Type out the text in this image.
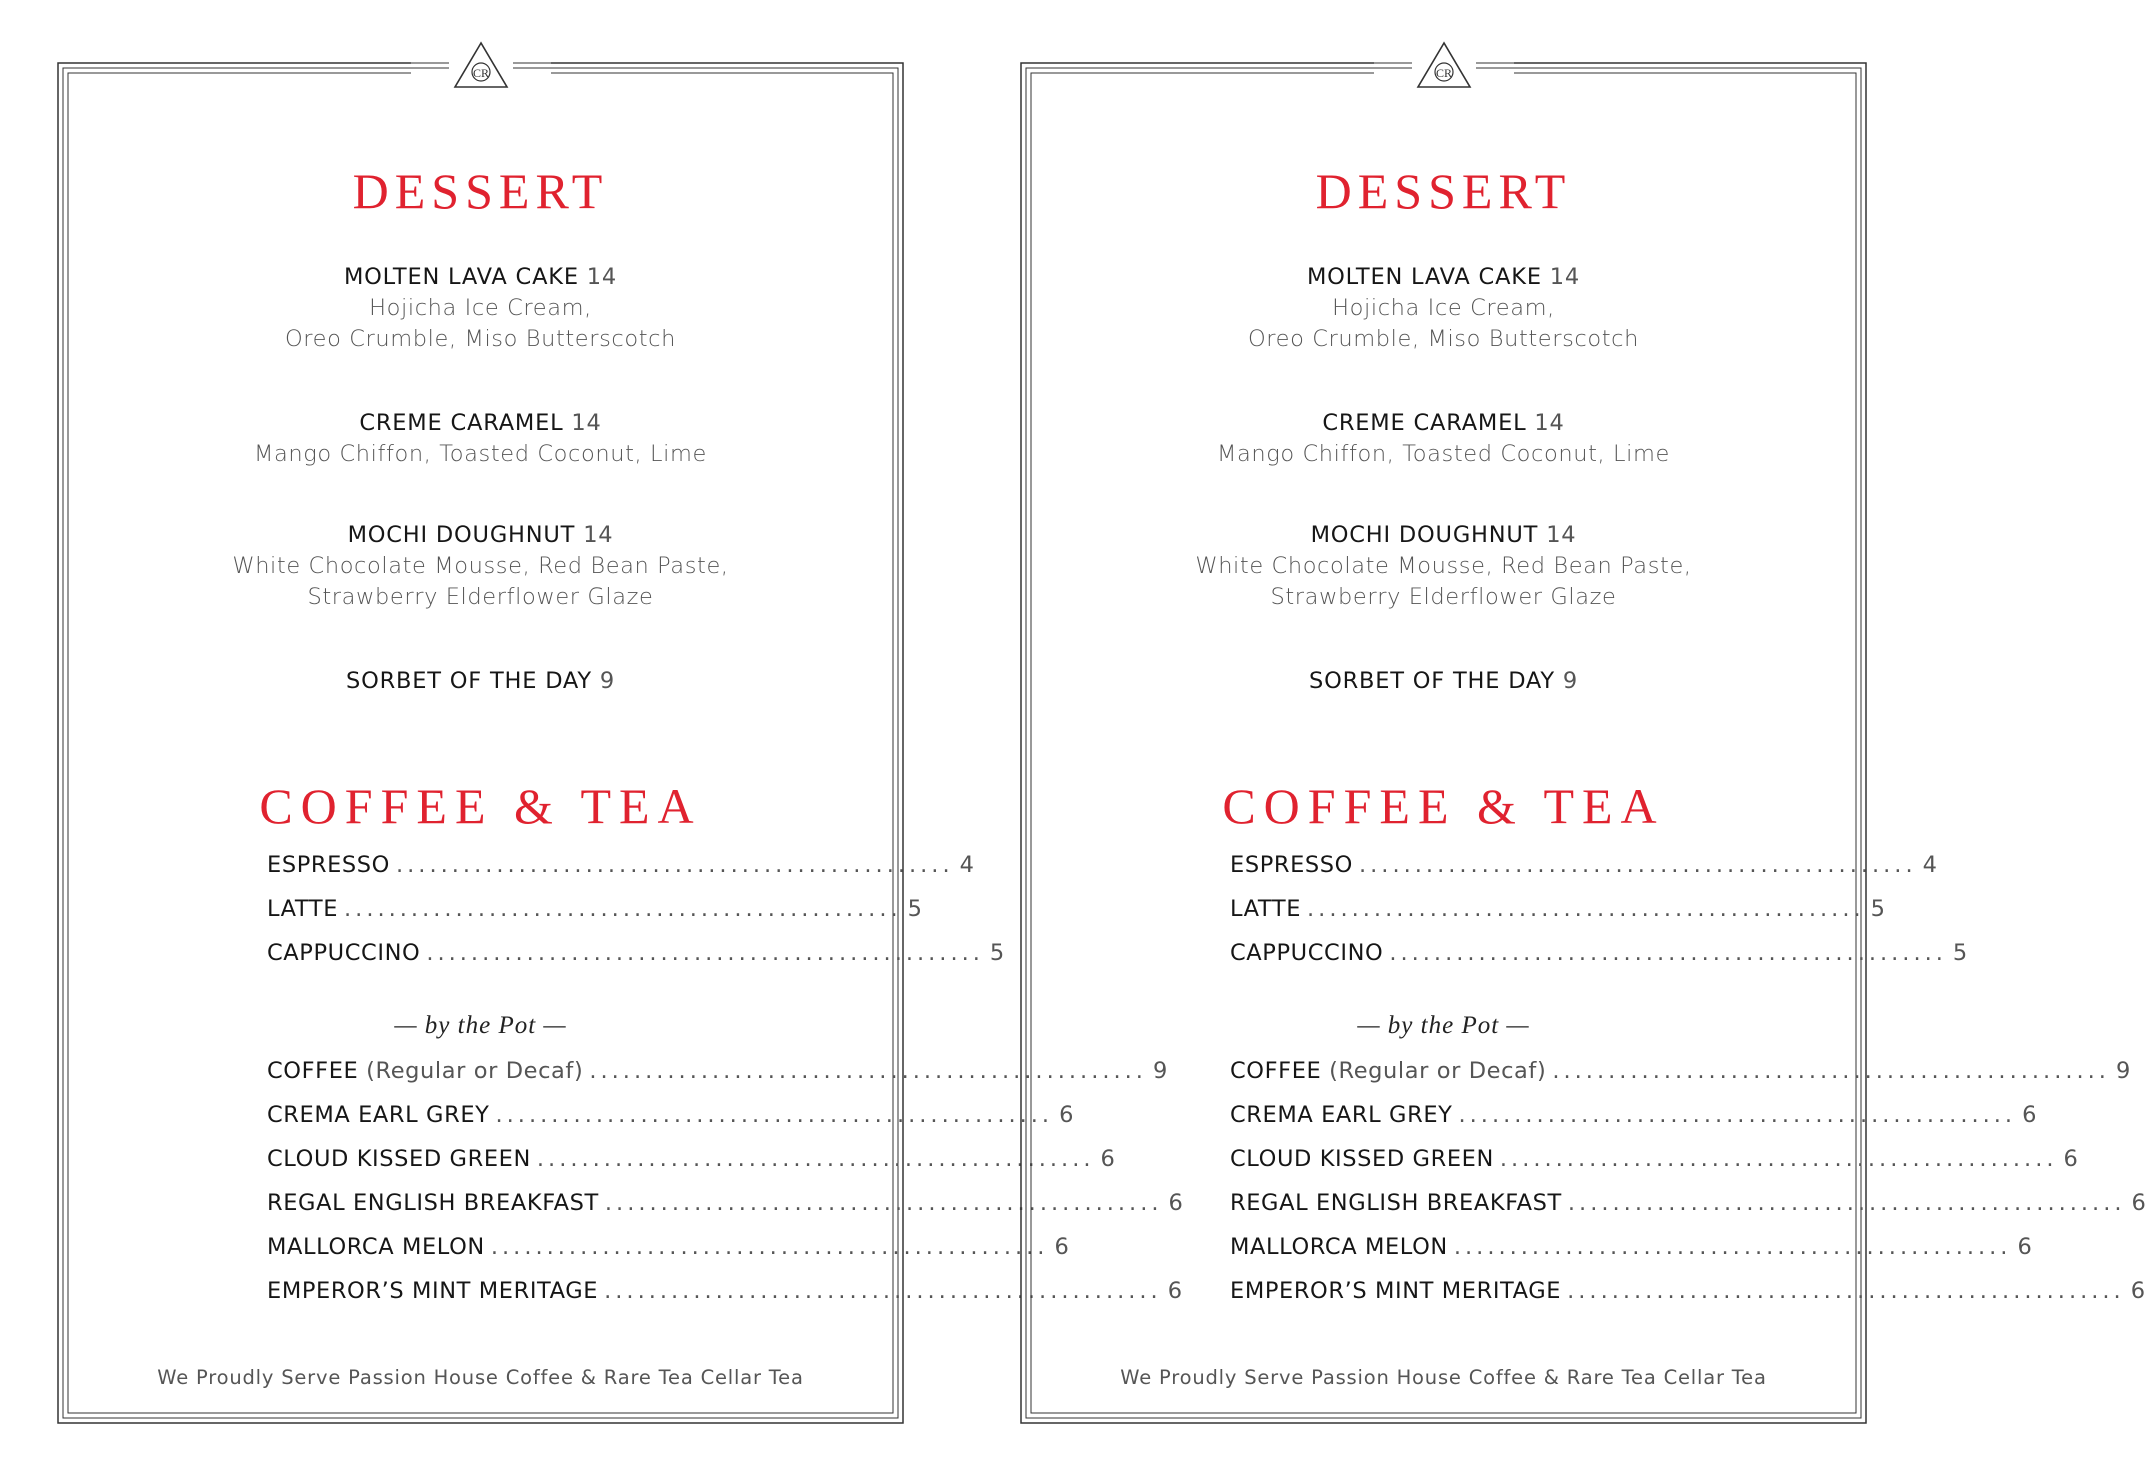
CR
DESSERT
MOLTEN LAVA CAKE 14
Hojicha Ice Cream,
Oreo Crumble, Miso Butterscotch
CREME CARAMEL 14
Mango Chiffon, Toasted Coconut, Lime
MOCHI DOUGHNUT 14
White Chocolate Mousse, Red Bean Paste,
Strawberry Elderflower Glaze
SORBET OF THE DAY 9
COFFEE & TEA
ESPRESSO .................................................. 4
LATTE .................................................. 5
CAPPUCCINO .................................................. 5
— by the Pot —
COFFEE (Regular or Decaf) .................................................. 9
CREMA EARL GREY .................................................. 6
CLOUD KISSED GREEN .................................................. 6
REGAL ENGLISH BREAKFAST .................................................. 6
MALLORCA MELON .................................................. 6
EMPEROR’S MINT MERITAGE .................................................. 6
We Proudly Serve Passion House Coffee & Rare Tea Cellar Tea
CR
DESSERT
MOLTEN LAVA CAKE 14
Hojicha Ice Cream,
Oreo Crumble, Miso Butterscotch
CREME CARAMEL 14
Mango Chiffon, Toasted Coconut, Lime
MOCHI DOUGHNUT 14
White Chocolate Mousse, Red Bean Paste,
Strawberry Elderflower Glaze
SORBET OF THE DAY 9
COFFEE & TEA
ESPRESSO .................................................. 4
LATTE .................................................. 5
CAPPUCCINO .................................................. 5
— by the Pot —
COFFEE (Regular or Decaf) .................................................. 9
CREMA EARL GREY .................................................. 6
CLOUD KISSED GREEN .................................................. 6
REGAL ENGLISH BREAKFAST .................................................. 6
MALLORCA MELON .................................................. 6
EMPEROR’S MINT MERITAGE .................................................. 6
We Proudly Serve Passion House Coffee & Rare Tea Cellar Tea
